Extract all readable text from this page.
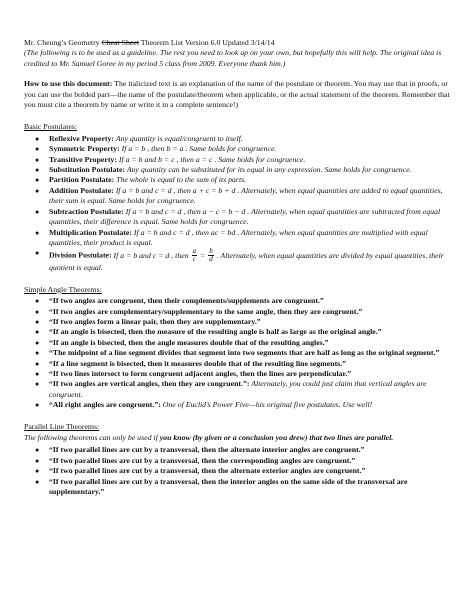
Mr. Cheung’s Geometry Cheat Sheet Theorem List Version 6.0 Updated 3/14/14

(The following is to be used as a guideline. The rest you need to look up on your own, but hopefully this will help. The original idea is credited to Mr. Samuel Goree in my period 5 class from 2009. Everyone thank him.)

How to use this document: The italicized text is an explanation of the name of the postulate or theorem. You may use that in proofs, or you can use the bolded part—the name of the postulate/theorem when applicable, or the actual statement of the theorem. Remember that you must cite a theorem by name or write it in a complete sentence!)

Basic Postulates:
● Reflexive Property: Any quantity is equal/congruent to itself.
● Symmetric Property: If a = b , then b = a . Same holds for congruence.
● Transitive Property: If a = b and b = c , then a = c . Same holds for congruence.
● Substitution Postulate: Any quantity can be substituted for its equal in any expression. Same holds for congruence.
● Partition Postulate: The whole is equal to the sum of its parts.
● Addition Postulate: If a = b and c = d , then a + c = b + d . Alternately, when equal quantities are added to equal quantities, their sum is equal. Same holds for congruence.
● Subtraction Postulate: If a = b and c = d , then a − c = b − d . Alternately, when equal quantities are subtracted from equal quantities, their difference is equal. Same holds for congruence.
● Multiplication Postulate: If a = b and c = d , then ac = bd . Alternately, when equal quantities are multiplied with equal quantities, their product is equal.
● Division Postulate: If a = b and c = d , then $\frac{a}{c} = \frac{b}{d}$ . Alternately, when equal quantities are divided by equal quantities, their quotient is equal.
Simple Angle Theorems:
● “If two angles are congruent, then their complements/supplements are congruent.”
● “If two angles are complementary/supplementary to the same angle, then they are congruent.”
● “If two angles form a linear pair, then they are supplementary.”
● “If an angle is bisected, then the measure of the resulting angle is half as large as the original angle.”
● “If an angle is bisected, then the angle measures double that of the resulting angles.”
● “The midpoint of a line segment divides that segment into two segments that are half as long as the original segment.”
● “If a line segment is bisected, then it measures double that of the resulting line segments.”
● “If two lines intersect to form congruent adjacent angles, then the lines are perpendicular.”
● “If two angles are vertical angles, then they are congruent.”: Alternately, you could just claim that vertical angles are congruent.
● “All right angles are congruent.”: One of Euclid’s Power Five—his original five postulates. Use well!
Parallel Line Theorems:

The following theorems can only be used if you know (by given or a conclusion you drew) that two lines are parallel.

● “If two parallel lines are cut by a transversal, then the alternate interior angles are congruent.”
● “If two parallel lines are cut by a transversal, then the corresponding angles are congruent.”
● “If two parallel lines are cut by a transversal, then the alternate exterior angles are congruent.”
● “If two parallel lines are cut by a transversal, then the interior angles on the same side of the transversal are supplementary.”
